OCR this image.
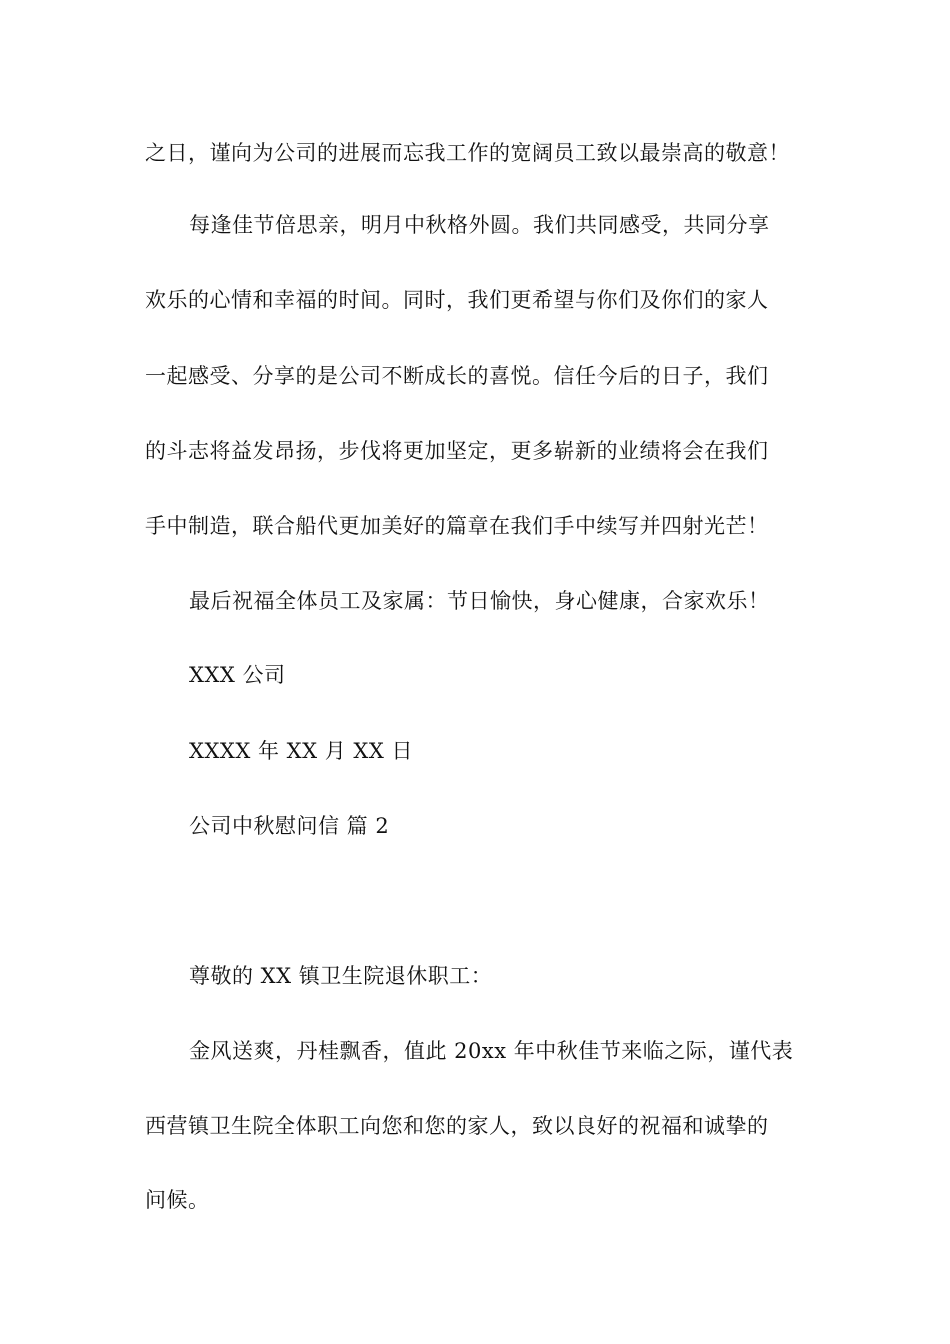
之日，谨向为公司的进展而忘我工作的宽阔员工致以最崇高的敬意！
每逢佳节倍思亲，明月中秋格外圆。我们共同感受，共同分享
欢乐的心情和幸福的时间。同时，我们更希望与你们及你们的家人
一起感受、分享的是公司不断成长的喜悦。信任今后的日子，我们
的斗志将益发昂扬，步伐将更加坚定，更多崭新的业绩将会在我们
手中制造，联合船代更加美好的篇章在我们手中续写并四射光芒！
最后祝福全体员工及家属：节日愉快，身心健康，合家欢乐！
XXX 公司
XXXX 年 XX 月 XX 日
公司中秋慰问信 篇 2
尊敬的 XX 镇卫生院退休职工：
金风送爽，丹桂飘香，值此 20xx 年中秋佳节来临之际，谨代表
西营镇卫生院全体职工向您和您的家人，致以良好的祝福和诚挚的
问候。
